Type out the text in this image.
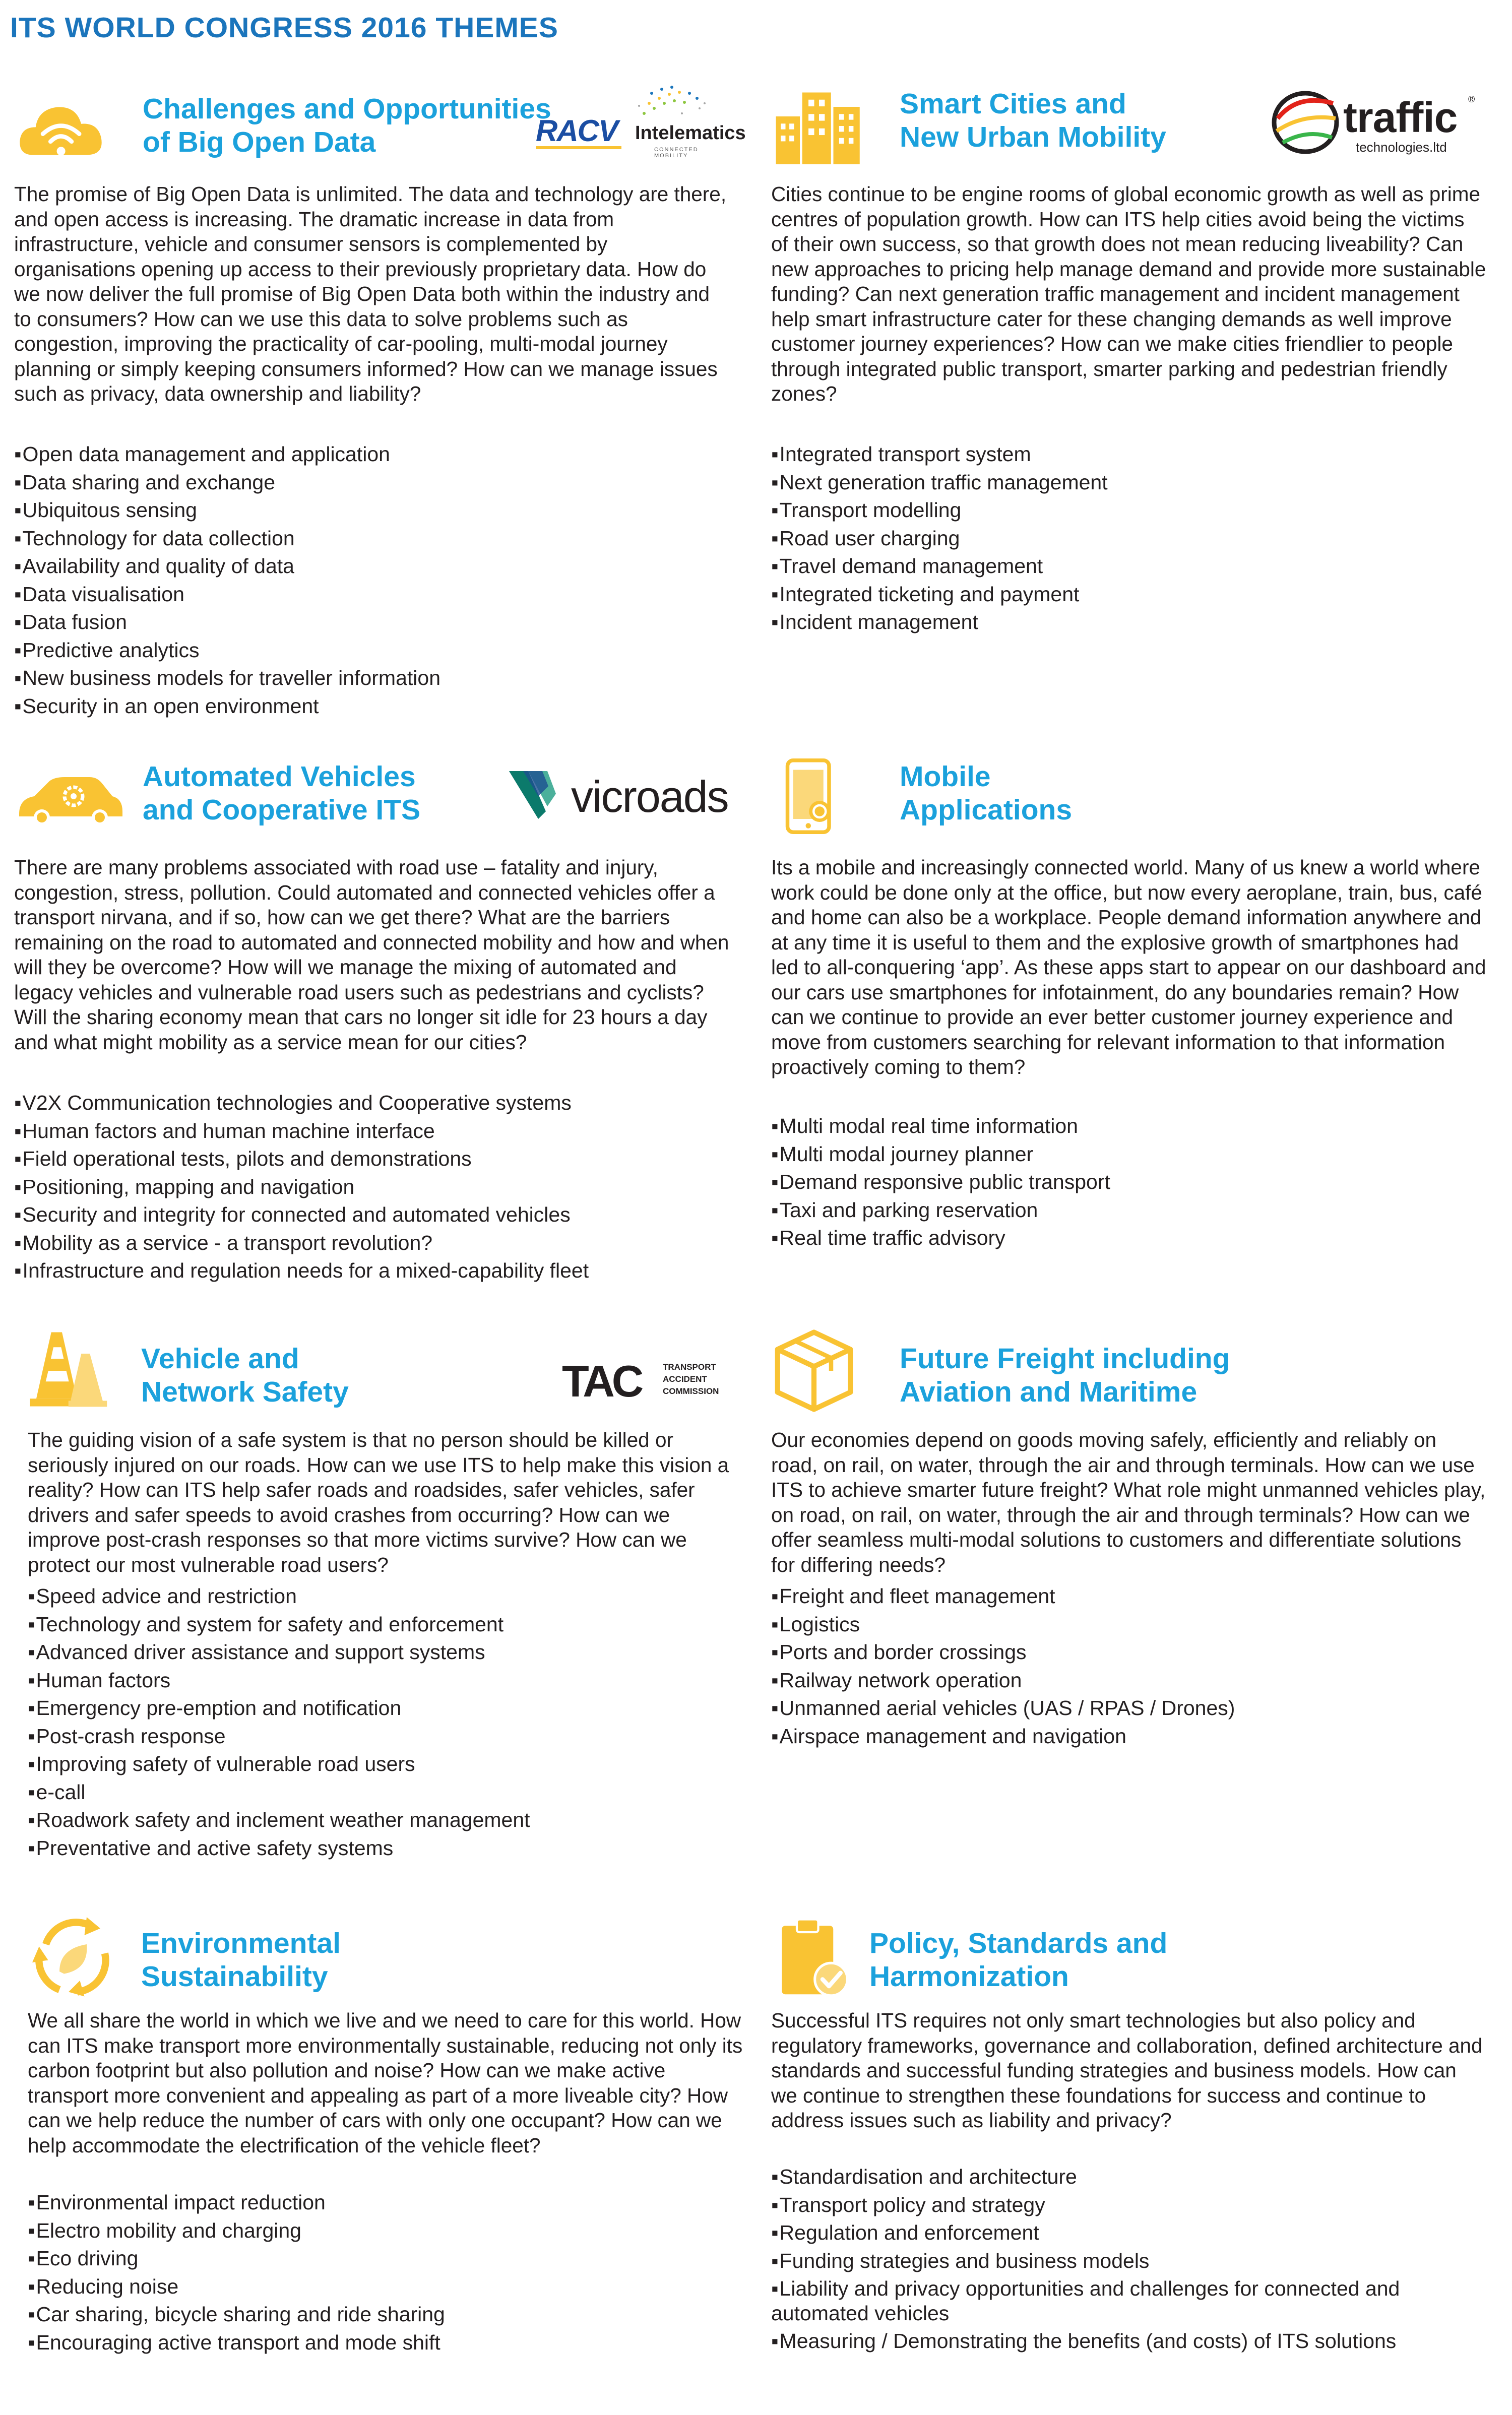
ITS WORLD CONGRESS 2016 THEMES
Challenges and Opportunities
of Big Open Data	RACV Intelematics
CONNECTED MOBILITY

The promise of Big Open Data is unlimited. The data and technology are there, and open access is increasing. The dramatic increase in data from infrastructure, vehicle and consumer sensors is complemented by organisations opening up access to their previously proprietary data. How do we now deliver the full promise of Big Open Data both within the industry and to consumers? How can we use this data to solve problems such as congestion, improving the practicality of car-pooling, multi-modal journey planning or simply keeping consumers informed? How can we manage issues such as privacy, data ownership and liability?

▪ Open data management and application
▪ Data sharing and exchange
▪ Ubiquitous sensing
▪ Technology for data collection
▪ Availability and quality of data
▪ Data visualisation
▪ Data fusion
▪ Predictive analytics
▪ New business models for traveller information
▪ Security in an open environment
Smart Cities and
New Urban Mobility	traffic ®
technologies.ltd

Cities continue to be engine rooms of global economic growth as well as prime centres of population growth. How can ITS help cities avoid being the victims of their own success, so that growth does not mean reducing liveability? Can new approaches to pricing help manage demand and provide more sustainable funding? Can next generation traffic management and incident management help smart infrastructure cater for these changing demands as well improve customer journey experiences? How can we make cities friendlier to people through integrated public transport, smarter parking and pedestrian friendly zones?

▪ Integrated transport system
▪ Next generation traffic management
▪ Transport modelling
▪ Road user charging
▪ Travel demand management
▪ Integrated ticketing and payment
▪ Incident management
Automated Vehicles
and Cooperative ITS	vicroads

There are many problems associated with road use – fatality and injury, congestion, stress, pollution. Could automated and connected vehicles offer a transport nirvana, and if so, how can we get there? What are the barriers remaining on the road to automated and connected mobility and how and when will they be overcome? How will we manage the mixing of automated and legacy vehicles and vulnerable road users such as pedestrians and cyclists? Will the sharing economy mean that cars no longer sit idle for 23 hours a day and what might mobility as a service mean for our cities?

▪ V2X Communication technologies and Cooperative systems
▪ Human factors and human machine interface
▪ Field operational tests, pilots and demonstrations
▪ Positioning, mapping and navigation
▪ Security and integrity for connected and automated vehicles
▪ Mobility as a service - a transport revolution?
▪ Infrastructure and regulation needs for a mixed-capability fleet
Mobile
Applications

Its a mobile and increasingly connected world. Many of us knew a world where work could be done only at the office, but now every aeroplane, train, bus, café and home can also be a workplace. People demand information anywhere and at any time it is useful to them and the explosive growth of smartphones had led to all-conquering ‘app’. As these apps start to appear on our dashboard and our cars use smartphones for infotainment, do any boundaries remain? How can we continue to provide an ever better customer journey experience and move from customers searching for relevant information to that information proactively coming to them?

▪ Multi modal real time information
▪ Multi modal journey planner
▪ Demand responsive public transport
▪ Taxi and parking reservation
▪ Real time traffic advisory
Vehicle and
Network Safety	TAC	TRANSPORT
ACCIDENT
COMMISSION

The guiding vision of a safe system is that no person should be killed or seriously injured on our roads. How can we use ITS to help make this vision a reality? How can ITS help safer roads and roadsides, safer vehicles, safer drivers and safer speeds to avoid crashes from occurring? How can we improve post-crash responses so that more victims survive? How can we protect our most vulnerable road users?

▪ Speed advice and restriction
▪ Technology and system for safety and enforcement
▪ Advanced driver assistance and support systems
▪ Human factors
▪ Emergency pre-emption and notification
▪ Post-crash response
▪ Improving safety of vulnerable road users
▪ e-call
▪ Roadwork safety and inclement weather management
▪ Preventative and active safety systems
Future Freight including
Aviation and Maritime

Our economies depend on goods moving safely, efficiently and reliably on road, on rail, on water, through the air and through terminals. How can we use ITS to achieve smarter future freight? What role might unmanned vehicles play, on road, on rail, on water, through the air and through terminals? How can we offer seamless multi-modal solutions to customers and differentiate solutions for differing needs?

▪ Freight and fleet management
▪ Logistics
▪ Ports and border crossings
▪ Railway network operation
▪ Unmanned aerial vehicles (UAS / RPAS / Drones)
▪ Airspace management and navigation
Environmental
Sustainability

We all share the world in which we live and we need to care for this world. How can ITS make transport more environmentally sustainable, reducing not only its carbon footprint but also pollution and noise? How can we make active transport more convenient and appealing as part of a more liveable city? How can we help reduce the number of cars with only one occupant? How can we help accommodate the electrification of the vehicle fleet?

▪ Environmental impact reduction
▪ Electro mobility and charging
▪ Eco driving
▪ Reducing noise
▪ Car sharing, bicycle sharing and ride sharing
▪ Encouraging active transport and mode shift
Policy, Standards and
Harmonization

Successful ITS requires not only smart technologies but also policy and regulatory frameworks, governance and collaboration, defined architecture and standards and successful funding strategies and business models. How can we continue to strengthen these foundations for success and continue to address issues such as liability and privacy?

▪ Standardisation and architecture
▪ Transport policy and strategy
▪ Regulation and enforcement
▪ Funding strategies and business models
▪ Liability and privacy opportunities and challenges for connected and automated vehicles
▪ Measuring / Demonstrating the benefits (and costs) of ITS solutions
